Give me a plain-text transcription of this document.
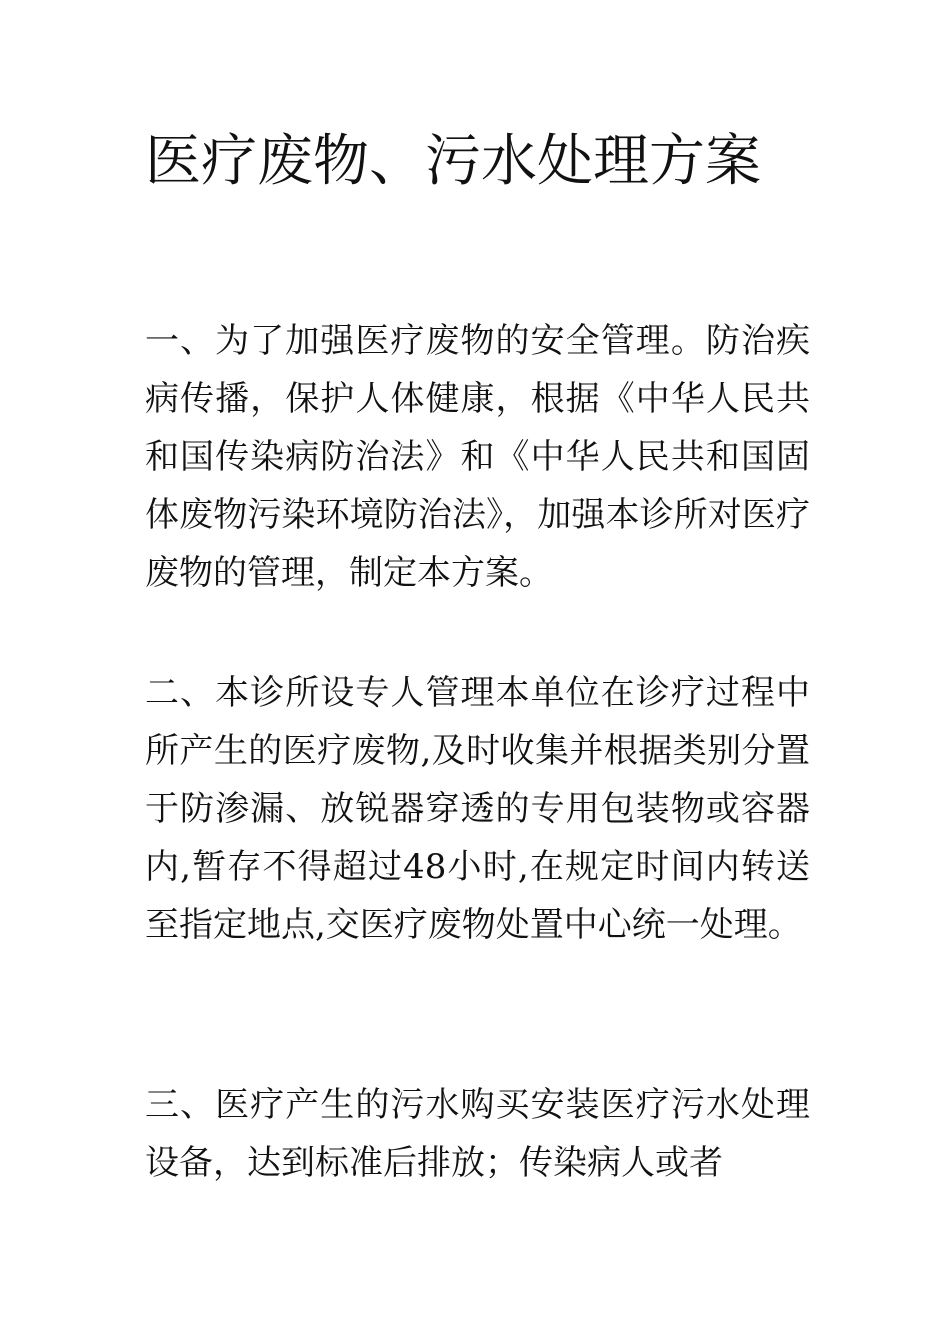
医疗废物、污水处理方案

一、为了加强医疗废物的安全管理。防治疾病传播，保护人体健康，根据《中华人民共和国传染病防治法》和《中华人民共和国固体废物污染环境防治法》，加强本诊所对医疗废物的管理，制定本方案。

二、本诊所设专人管理本单位在诊疗过程中所产生的医疗废物,及时收集并根据类别分置于防渗漏、放锐器穿透的专用包装物或容器内,暂存不得超过48小时,在规定时间内转送至指定地点,交医疗废物处置中心统一处理。

三、医疗产生的污水购买安装医疗污水处理设备，达到标准后排放；传染病人或者
